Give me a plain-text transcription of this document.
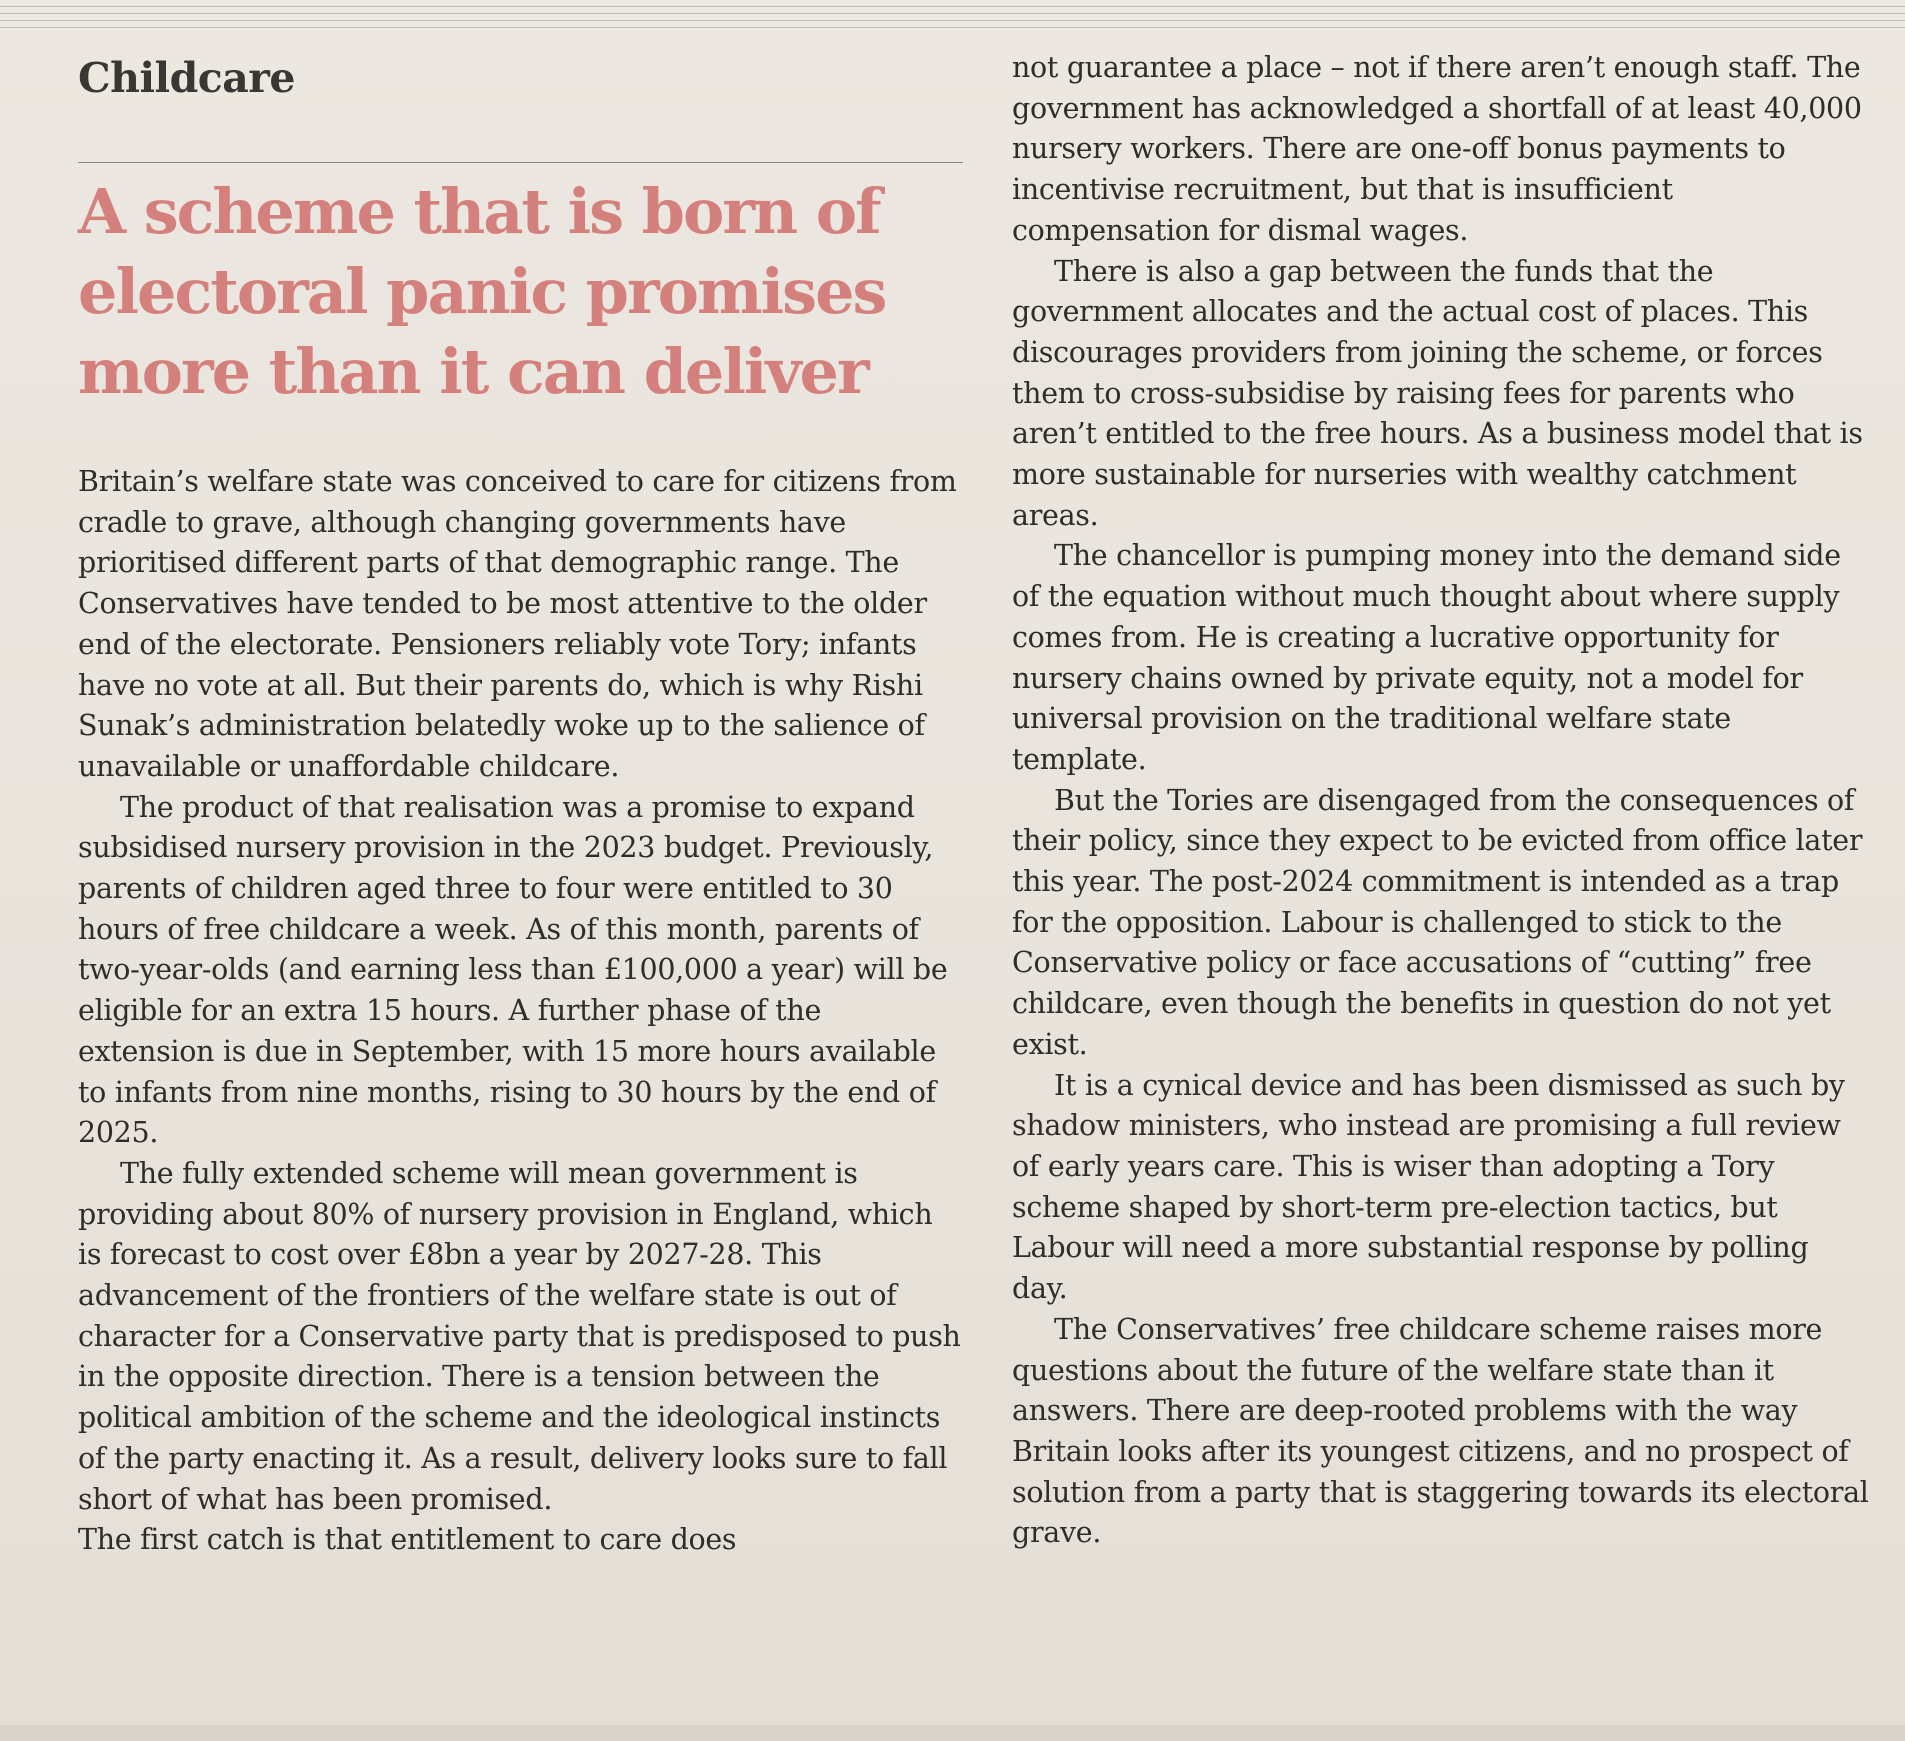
Childcare
A scheme that is born of
electoral panic promises
more than it can deliver

Britain’s welfare state was conceived to care for citizens from cradle to grave, although changing governments have prioritised different parts of that demographic range. The Conservatives have tended to be most attentive to the older end of the electorate. Pensioners reliably vote Tory; infants have no vote at all. But their parents do, which is why Rishi Sunak’s administration belatedly woke up to the salience of unavailable or unaffordable childcare.

The product of that realisation was a promise to expand subsidised nursery provision in the 2023 budget. Previously, parents of children aged three to four were entitled to 30 hours of free childcare a week. As of this month, parents of two-year-olds (and earning less than £100,000 a year) will be eligible for an extra 15 hours. A further phase of the extension is due in September, with 15 more hours available to infants from nine months, rising to 30 hours by the end of 2025.

The fully extended scheme will mean government is providing about 80% of nursery provision in England, which is forecast to cost over £8bn a year by 2027-28. This advancement of the frontiers of the welfare state is out of character for a Conservative party that is predisposed to push in the opposite direction. There is a tension between the political ambition of the scheme and the ideological instincts of the party enacting it. As a result, delivery looks sure to fall short of what has been promised.

The first catch is that entitlement to care does

not guarantee a place – not if there aren’t enough staff. The government has acknowledged a shortfall of at least 40,000 nursery workers. There are one-off bonus payments to incentivise recruitment, but that is insufficient compensation for dismal wages.

There is also a gap between the funds that the government allocates and the actual cost of places. This discourages providers from joining the scheme, or forces them to cross-subsidise by raising fees for parents who aren’t entitled to the free hours. As a business model that is more sustainable for nurseries with wealthy catchment areas.

The chancellor is pumping money into the demand side of the equation without much thought about where supply comes from. He is creating a lucrative opportunity for nursery chains owned by private equity, not a model for universal provision on the traditional welfare state template.

But the Tories are disengaged from the consequences of their policy, since they expect to be evicted from office later this year. The post-2024 commitment is intended as a trap for the opposition. Labour is challenged to stick to the Conservative policy or face accusations of “cutting” free childcare, even though the benefits in question do not yet exist.

It is a cynical device and has been dismissed as such by shadow ministers, who instead are promising a full review of early years care. This is wiser than adopting a Tory scheme shaped by short-term pre-election tactics, but Labour will need a more substantial response by polling day.

The Conservatives’ free childcare scheme raises more questions about the future of the welfare state than it answers. There are deep-rooted problems with the way Britain looks after its youngest citizens, and no prospect of solution from a party that is staggering towards its electoral grave.
